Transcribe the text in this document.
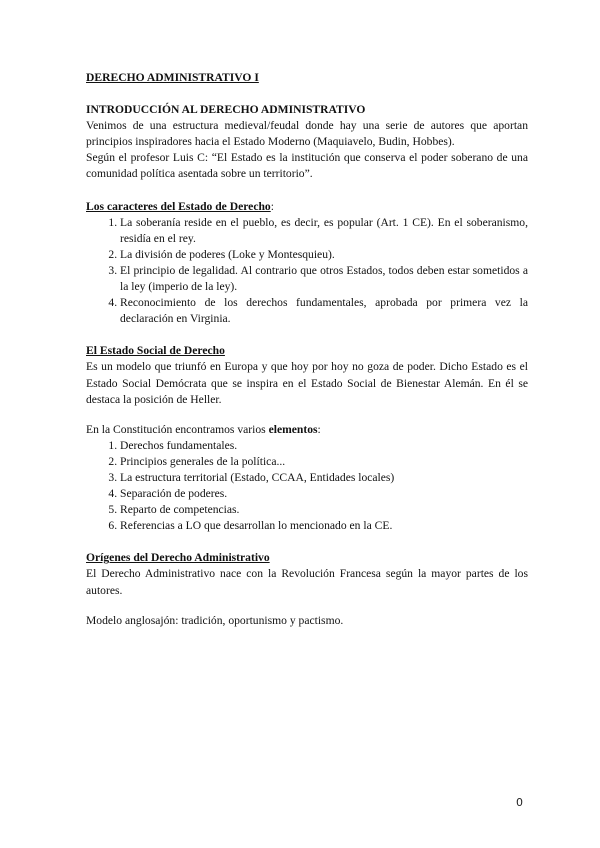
DERECHO ADMINISTRATIVO I

INTRODUCCIÓN AL DERECHO ADMINISTRATIVO

Venimos de una estructura medieval/feudal donde hay una serie de autores que aportan principios inspiradores hacia el Estado Moderno (Maquiavelo, Budin, Hobbes).

Según el profesor Luis C: “El Estado es la institución que conserva el poder soberano de una comunidad política asentada sobre un territorio”.

Los caracteres del Estado de Derecho:

1. La soberanía reside en el pueblo, es decir, es popular (Art. 1 CE). En el soberanismo, residía en el rey.
2. La división de poderes (Loke y Montesquieu).
3. El principio de legalidad. Al contrario que otros Estados, todos deben estar sometidos a la ley (imperio de la ley).
4. Reconocimiento de los derechos fundamentales, aprobada por primera vez la declaración en Virginia.

El Estado Social de Derecho

Es un modelo que triunfó en Europa y que hoy por hoy no goza de poder. Dicho Estado es el Estado Social Demócrata que se inspira en el Estado Social de Bienestar Alemán. En él se destaca la posición de Heller.

En la Constitución encontramos varios elementos:

1. Derechos fundamentales.
2. Principios generales de la política...
3. La estructura territorial (Estado, CCAA, Entidades locales)
4. Separación de poderes.
5. Reparto de competencias.
6. Referencias a LO que desarrollan lo mencionado en la CE.

Orígenes del Derecho Administrativo

El Derecho Administrativo nace con la Revolución Francesa según la mayor partes de los autores.

Modelo anglosajón: tradición, oportunismo y pactismo.

0
